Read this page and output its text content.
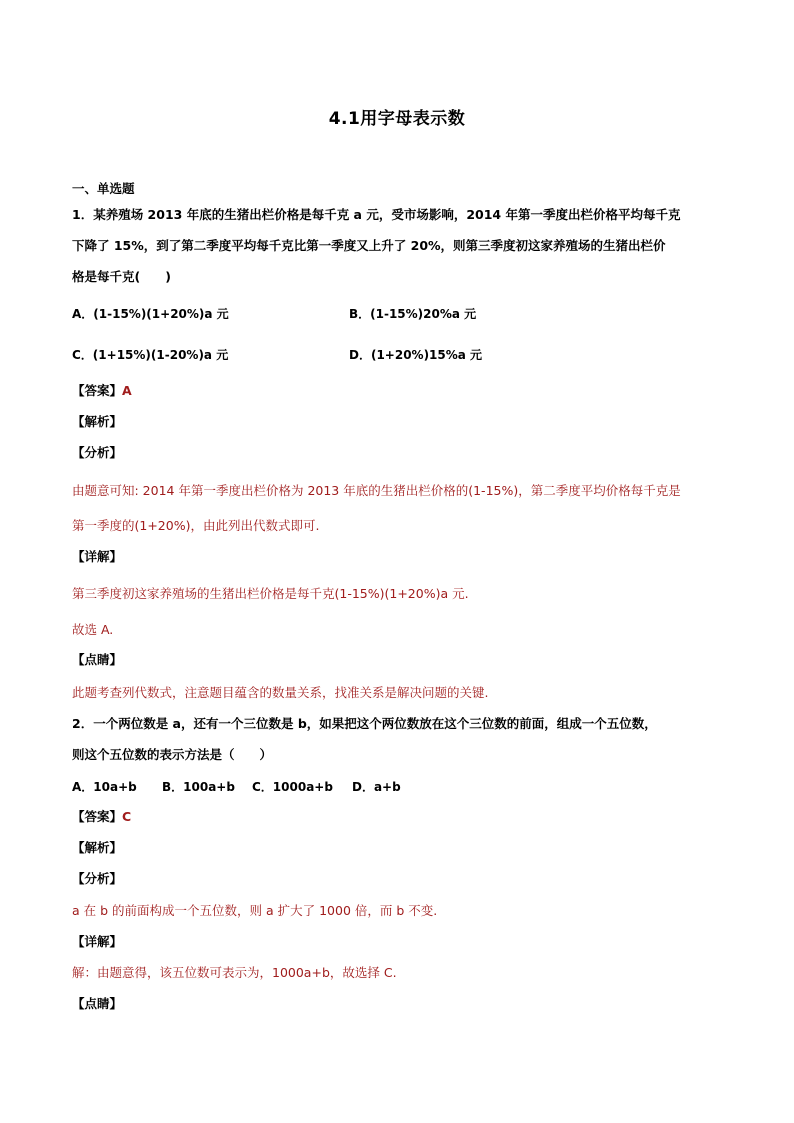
4.1用字母表示数
一、单选题
1．某养殖场 2013 年底的生猪出栏价格是每千克 a 元，受市场影响，2014 年第一季度出栏价格平均每千克
下降了 15%，到了第二季度平均每千克比第一季度又上升了 20%，则第三季度初这家养殖场的生猪出栏价
格是每千克(　　)
A．(1-15%)(1+20%)a 元	B．(1-15%)20%a 元
C．(1+15%)(1-20%)a 元	D．(1+20%)15%a 元
【答案】A
【解析】
【分析】
由题意可知: 2014 年第一季度出栏价格为 2013 年底的生猪出栏价格的(1-15%)，第二季度平均价格每千克是
第一季度的(1+20%)，由此列出代数式即可.
【详解】
第三季度初这家养殖场的生猪出栏价格是每千克(1-15%)(1+20%)a 元.
故选 A.
【点睛】
此题考查列代数式，注意题目蕴含的数量关系，找准关系是解决问题的关键.
2．一个两位数是 a，还有一个三位数是 b，如果把这个两位数放在这个三位数的前面，组成一个五位数，
则这个五位数的表示方法是（　　）
A．10a+b B．100a+b C．1000a+b D．a+b
【答案】C
【解析】
【分析】
a 在 b 的前面构成一个五位数，则 a 扩大了 1000 倍，而 b 不变.
【详解】
解：由题意得，该五位数可表示为，1000a+b，故选择 C.
【点睛】
